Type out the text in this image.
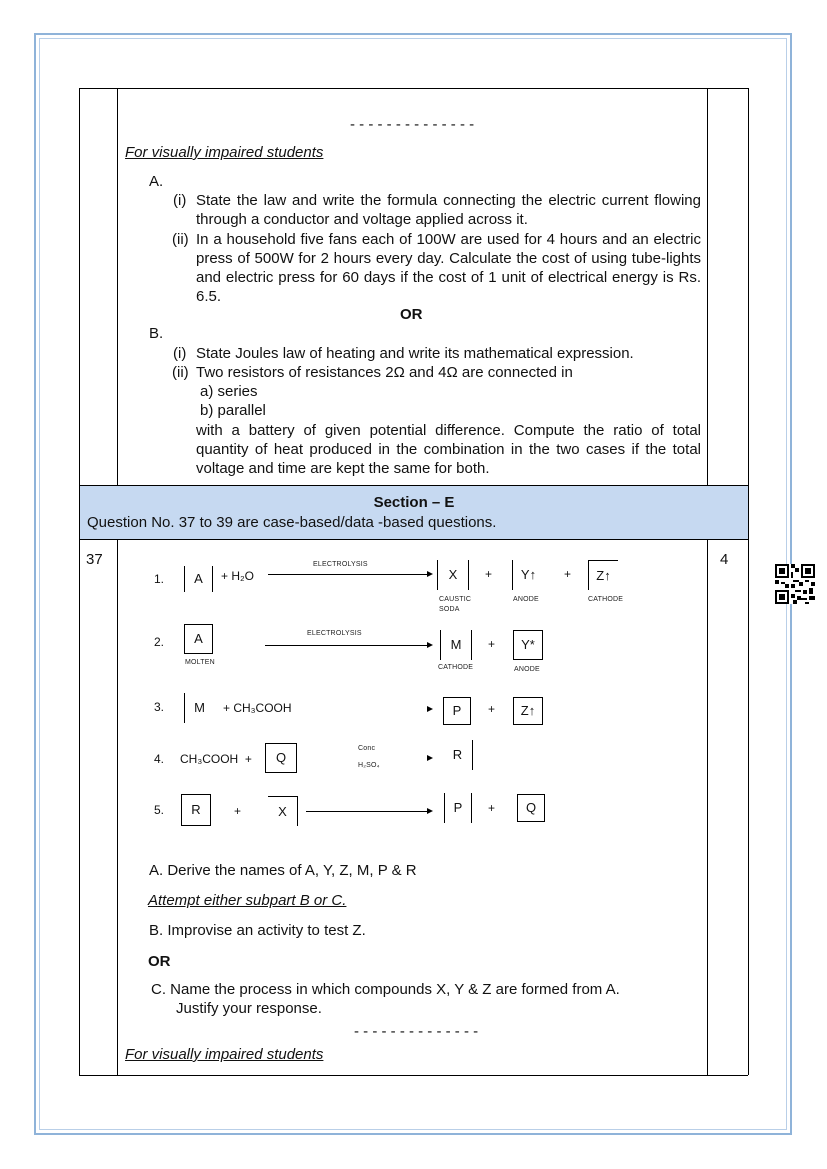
- - - - - - - - - - - - - -
For visually impaired students
A.
(i) State the law and write the formula connecting the electric current flowing through a conductor and voltage applied across it.
(ii) In a household five fans each of 100W are used for 4 hours and an electric press of 500W for 2 hours every day. Calculate the cost of using tube-lights and electric press for 60 days if the cost of 1 unit of electrical energy is Rs. 6.5.
OR
B.
(i) State Joules law of heating and write its mathematical expression.
(ii) Two resistors of resistances 2Ω and 4Ω are connected in
a) series
b) parallel
with a battery of given potential difference. Compute the ratio of total quantity of heat produced in the combination in the two cases if the total voltage and time are kept the same for both.
Section – E
Question No. 37 to 39 are case-based/data -based questions.
37	4
1.	A	+ H₂O
ELECTROLYSIS
X	+	Y↑	+	Z↑
CAUSTIC
SODA
ANODE	CATHODE
2.	A
MOLTEN
ELECTROLYSIS
M	+	Y*
CATHODE	ANODE
3.	M	+ CH₃COOH	P	+	Z↑
4. CH₃COOH  +	Q
Conc
H₂SO₄
R
5.	R	+	X	P	+	Q
A. Derive the names of A, Y, Z, M, P & R
Attempt either subpart B or C.
B. Improvise an activity to test Z.
OR
C. Name the process in which compounds X, Y & Z are formed from A.
Justify your response.
- - - - - - - - - - - - - -
For visually impaired students
